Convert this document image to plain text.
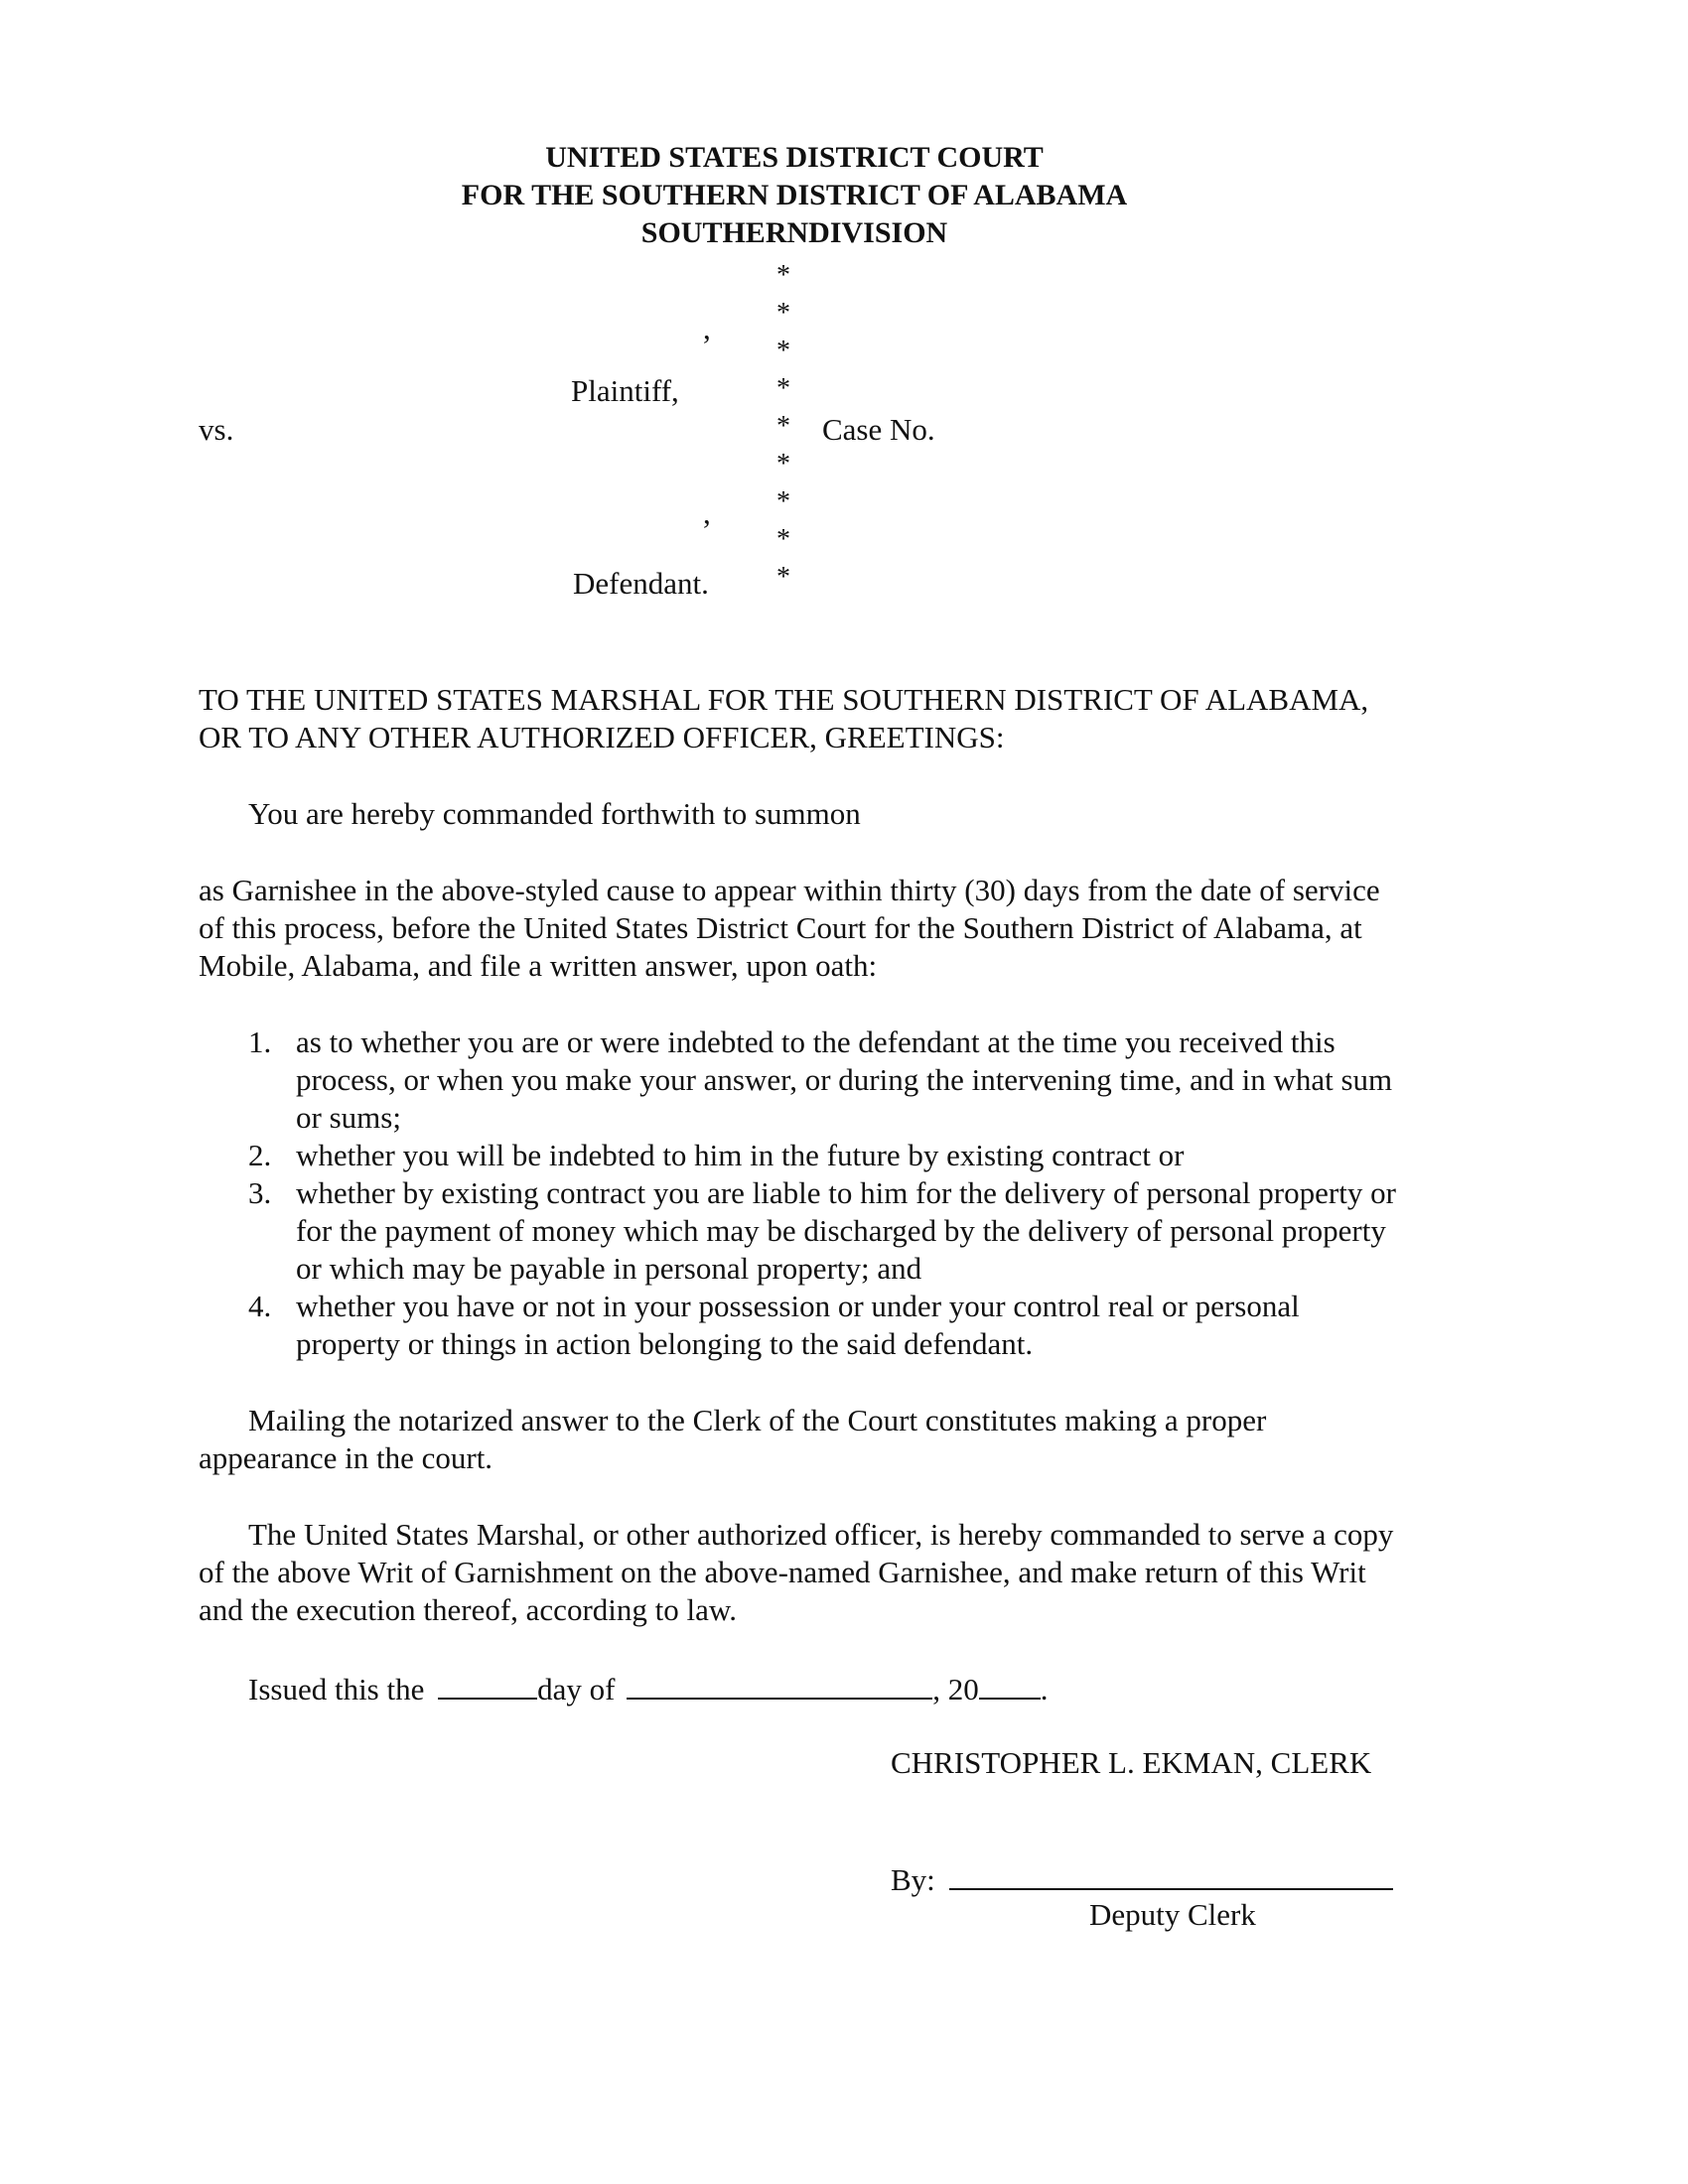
UNITED STATES DISTRICT COURT
FOR THE SOUTHERN DISTRICT OF ALABAMA
SOUTHERNDIVISION
*
*
*
*
*
*
*
*
*
,
Plaintiff,
vs.	Case No.
,
Defendant.
TO THE UNITED STATES MARSHAL FOR THE SOUTHERN DISTRICT OF ALABAMA,
OR TO ANY OTHER AUTHORIZED OFFICER, GREETINGS:
You are hereby commanded forthwith to summon
as Garnishee in the above-styled cause to appear within thirty (30) days from the date of service
of this process, before the United States District Court for the Southern District of Alabama, at
Mobile, Alabama, and file a written answer, upon oath:
1. as to whether you are or were indebted to the defendant at the time you received this
process, or when you make your answer, or during the intervening time, and in what sum
or sums;
2. whether you will be indebted to him in the future by existing contract or
3. whether by existing contract you are liable to him for the delivery of personal property or
for the payment of money which may be discharged by the delivery of personal property
or which may be payable in personal property; and
4. whether you have or not in your possession or under your control real or personal
property or things in action belonging to the said defendant.
Mailing the notarized answer to the Clerk of the Court constitutes making a proper
appearance in the court.
The United States Marshal, or other authorized officer, is hereby commanded to serve a copy
of the above Writ of Garnishment on the above-named Garnishee, and make return of this Writ
and the execution thereof, according to law.
Issued this the	day of	, 20 .
CHRISTOPHER L. EKMAN, CLERK
By:
Deputy Clerk
